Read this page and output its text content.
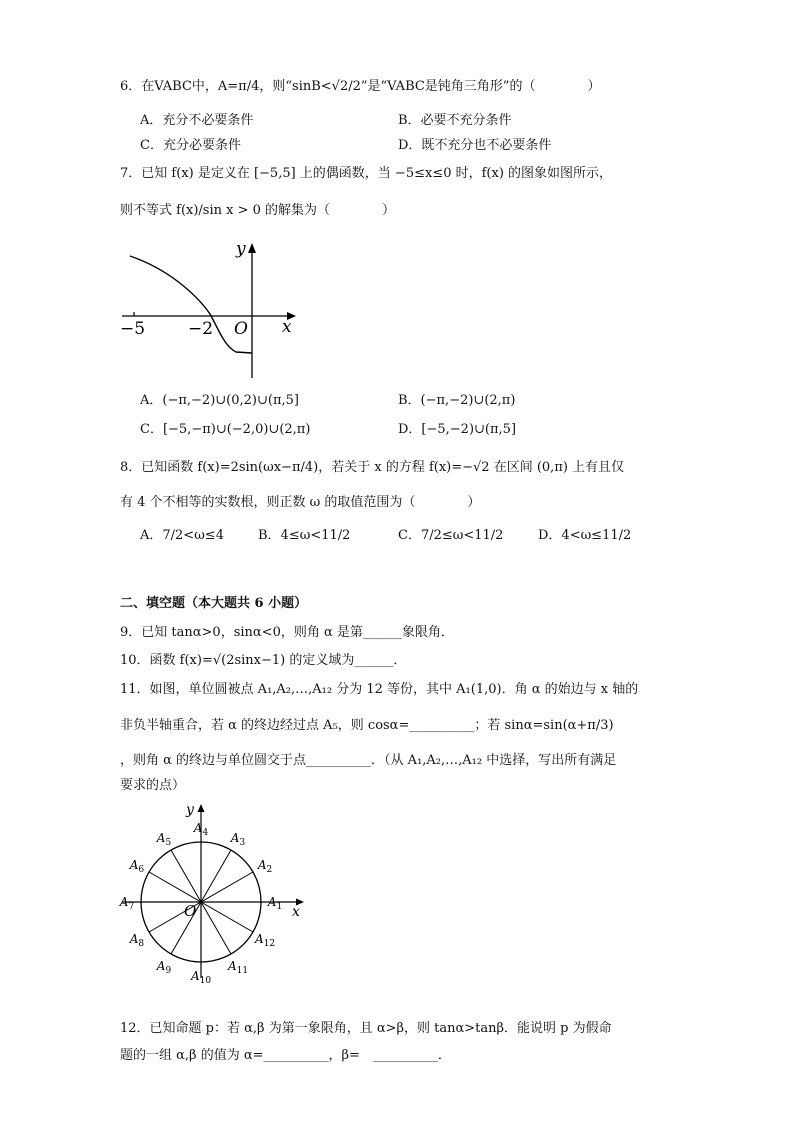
6．在VABC中，A=π/4，则“sinB<√2/2”是“VABC是钝角三角形”的（　　　　）
A．充分不必要条件	B．必要不充分条件
C．充分必要条件	D．既不充分也不必要条件
7．已知 f(x) 是定义在 [−5,5] 上的偶函数，当 −5≤x≤0 时，f(x) 的图象如图所示，
则不等式 f(x)/sin x > 0 的解集为（　　　　）
−5	−2 O x
y
A．(−π,−2)∪(0,2)∪(π,5]	B．(−π,−2)∪(2,π)
C．[−5,−π)∪(−2,0)∪(2,π)	D．[−5,−2)∪(π,5]
8．已知函数 f(x)=2sin(ωx−π/4)，若关于 x 的方程 f(x)=−√2 在区间 (0,π) 上有且仅
有 4 个不相等的实数根，则正数 ω 的取值范围为（　　　　）
A．7/2<ω≤4	B．4≤ω<11/2	C．7/2≤ω<11/2	D．4<ω≤11/2
二、填空题（本大题共 6 小题）
9．已知 tanα>0，sinα<0，则角 α 是第______象限角．
10．函数 f(x)=√(2sinx−1) 的定义域为______．
11．如图，单位圆被点 A₁,A₂,…,A₁₂ 分为 12 等份，其中 A₁(1,0)．角 α 的始边与 x 轴的
非负半轴重合，若 α 的终边经过点 A₅，则 cosα=__________；若 sinα=sin(α+π/3)
，则角 α 的终边与单位圆交于点__________．（从 A₁,A₂,…,A₁₂ 中选择，写出所有满足
要求的点）
$A_1$
$A_2$
$A_3$
$A_4$
$A_5$
$A_6$
$A_7$
$A_8$
$A_9$ $A_{10}$
$A_{11}$
$A_{12}$
O	x
y
12．已知命题 p：若 α,β 为第一象限角，且 α>β，则 tanα>tanβ．能说明 p 为假命
题的一组 α,β 的值为 α=__________，β=　__________．
